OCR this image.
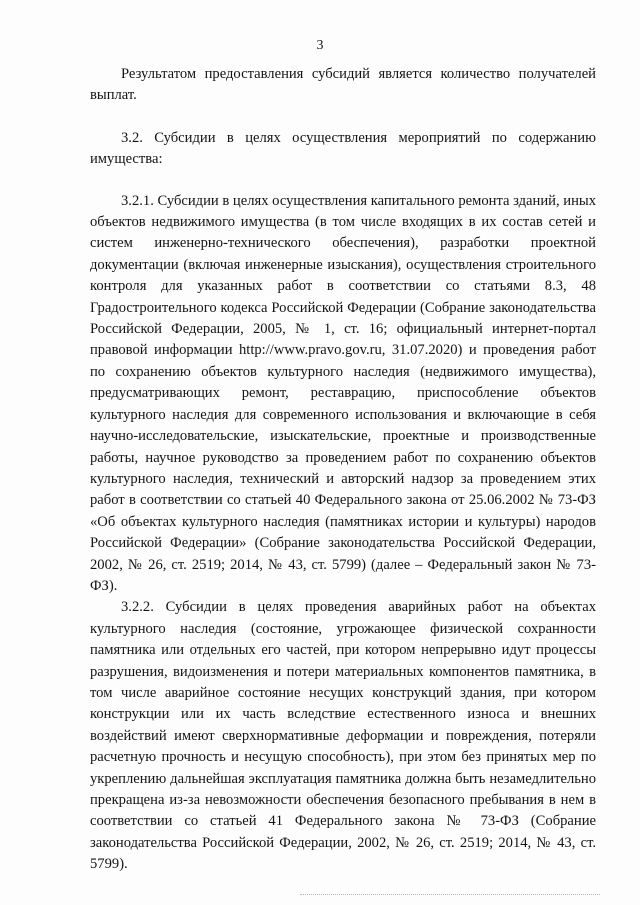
3

Результатом предоставления субсидий является количество получателей выплат.

3.2. Субсидии в целях осуществления мероприятий по содержанию имущества:

3.2.1. Субсидии в целях осуществления капитального ремонта зданий, иных объектов недвижимого имущества (в том числе входящих в их состав сетей и систем инженерно-технического обеспечения), разработки проектной документации (включая инженерные изыскания), осуществления строительного контроля для указанных работ в соответствии со статьями 8.3, 48 Градостроительного кодекса Российской Федерации (Собрание законодательства Российской Федерации, 2005, № 1, ст. 16; официальный интернет-портал правовой информации http://www.pravo.gov.ru, 31.07.2020) и проведения работ по сохранению объектов культурного наследия (недвижимого имущества), предусматривающих ремонт, реставрацию, приспособление объектов культурного наследия для современного использования и включающие в себя научно-исследовательские, изыскательские, проектные и производственные работы, научное руководство за проведением работ по сохранению объектов культурного наследия, технический и авторский надзор за проведением этих работ в соответствии со статьей 40 Федерального закона от 25.06.2002 № 73-ФЗ «Об объектах культурного наследия (памятниках истории и культуры) народов Российской Федерации» (Собрание законодательства Российской Федерации, 2002, № 26, ст. 2519; 2014, № 43, ст. 5799) (далее – Федеральный закон № 73-ФЗ).

3.2.2. Субсидии в целях проведения аварийных работ на объектах культурного наследия (состояние, угрожающее физической сохранности памятника или отдельных его частей, при котором непрерывно идут процессы разрушения, видоизменения и потери материальных компонентов памятника, в том числе аварийное состояние несущих конструкций здания, при котором конструкции или их часть вследствие естественного износа и внешних воздействий имеют сверхнормативные деформации и повреждения, потеряли расчетную прочность и несущую способность), при этом без принятых мер по укреплению дальнейшая эксплуатация памятника должна быть незамедлительно прекращена из-за невозможности обеспечения безопасного пребывания в нем в соответствии со статьей 41 Федерального закона № 73-ФЗ (Собрание законодательства Российской Федерации, 2002, № 26, ст. 2519; 2014, № 43, ст. 5799).
